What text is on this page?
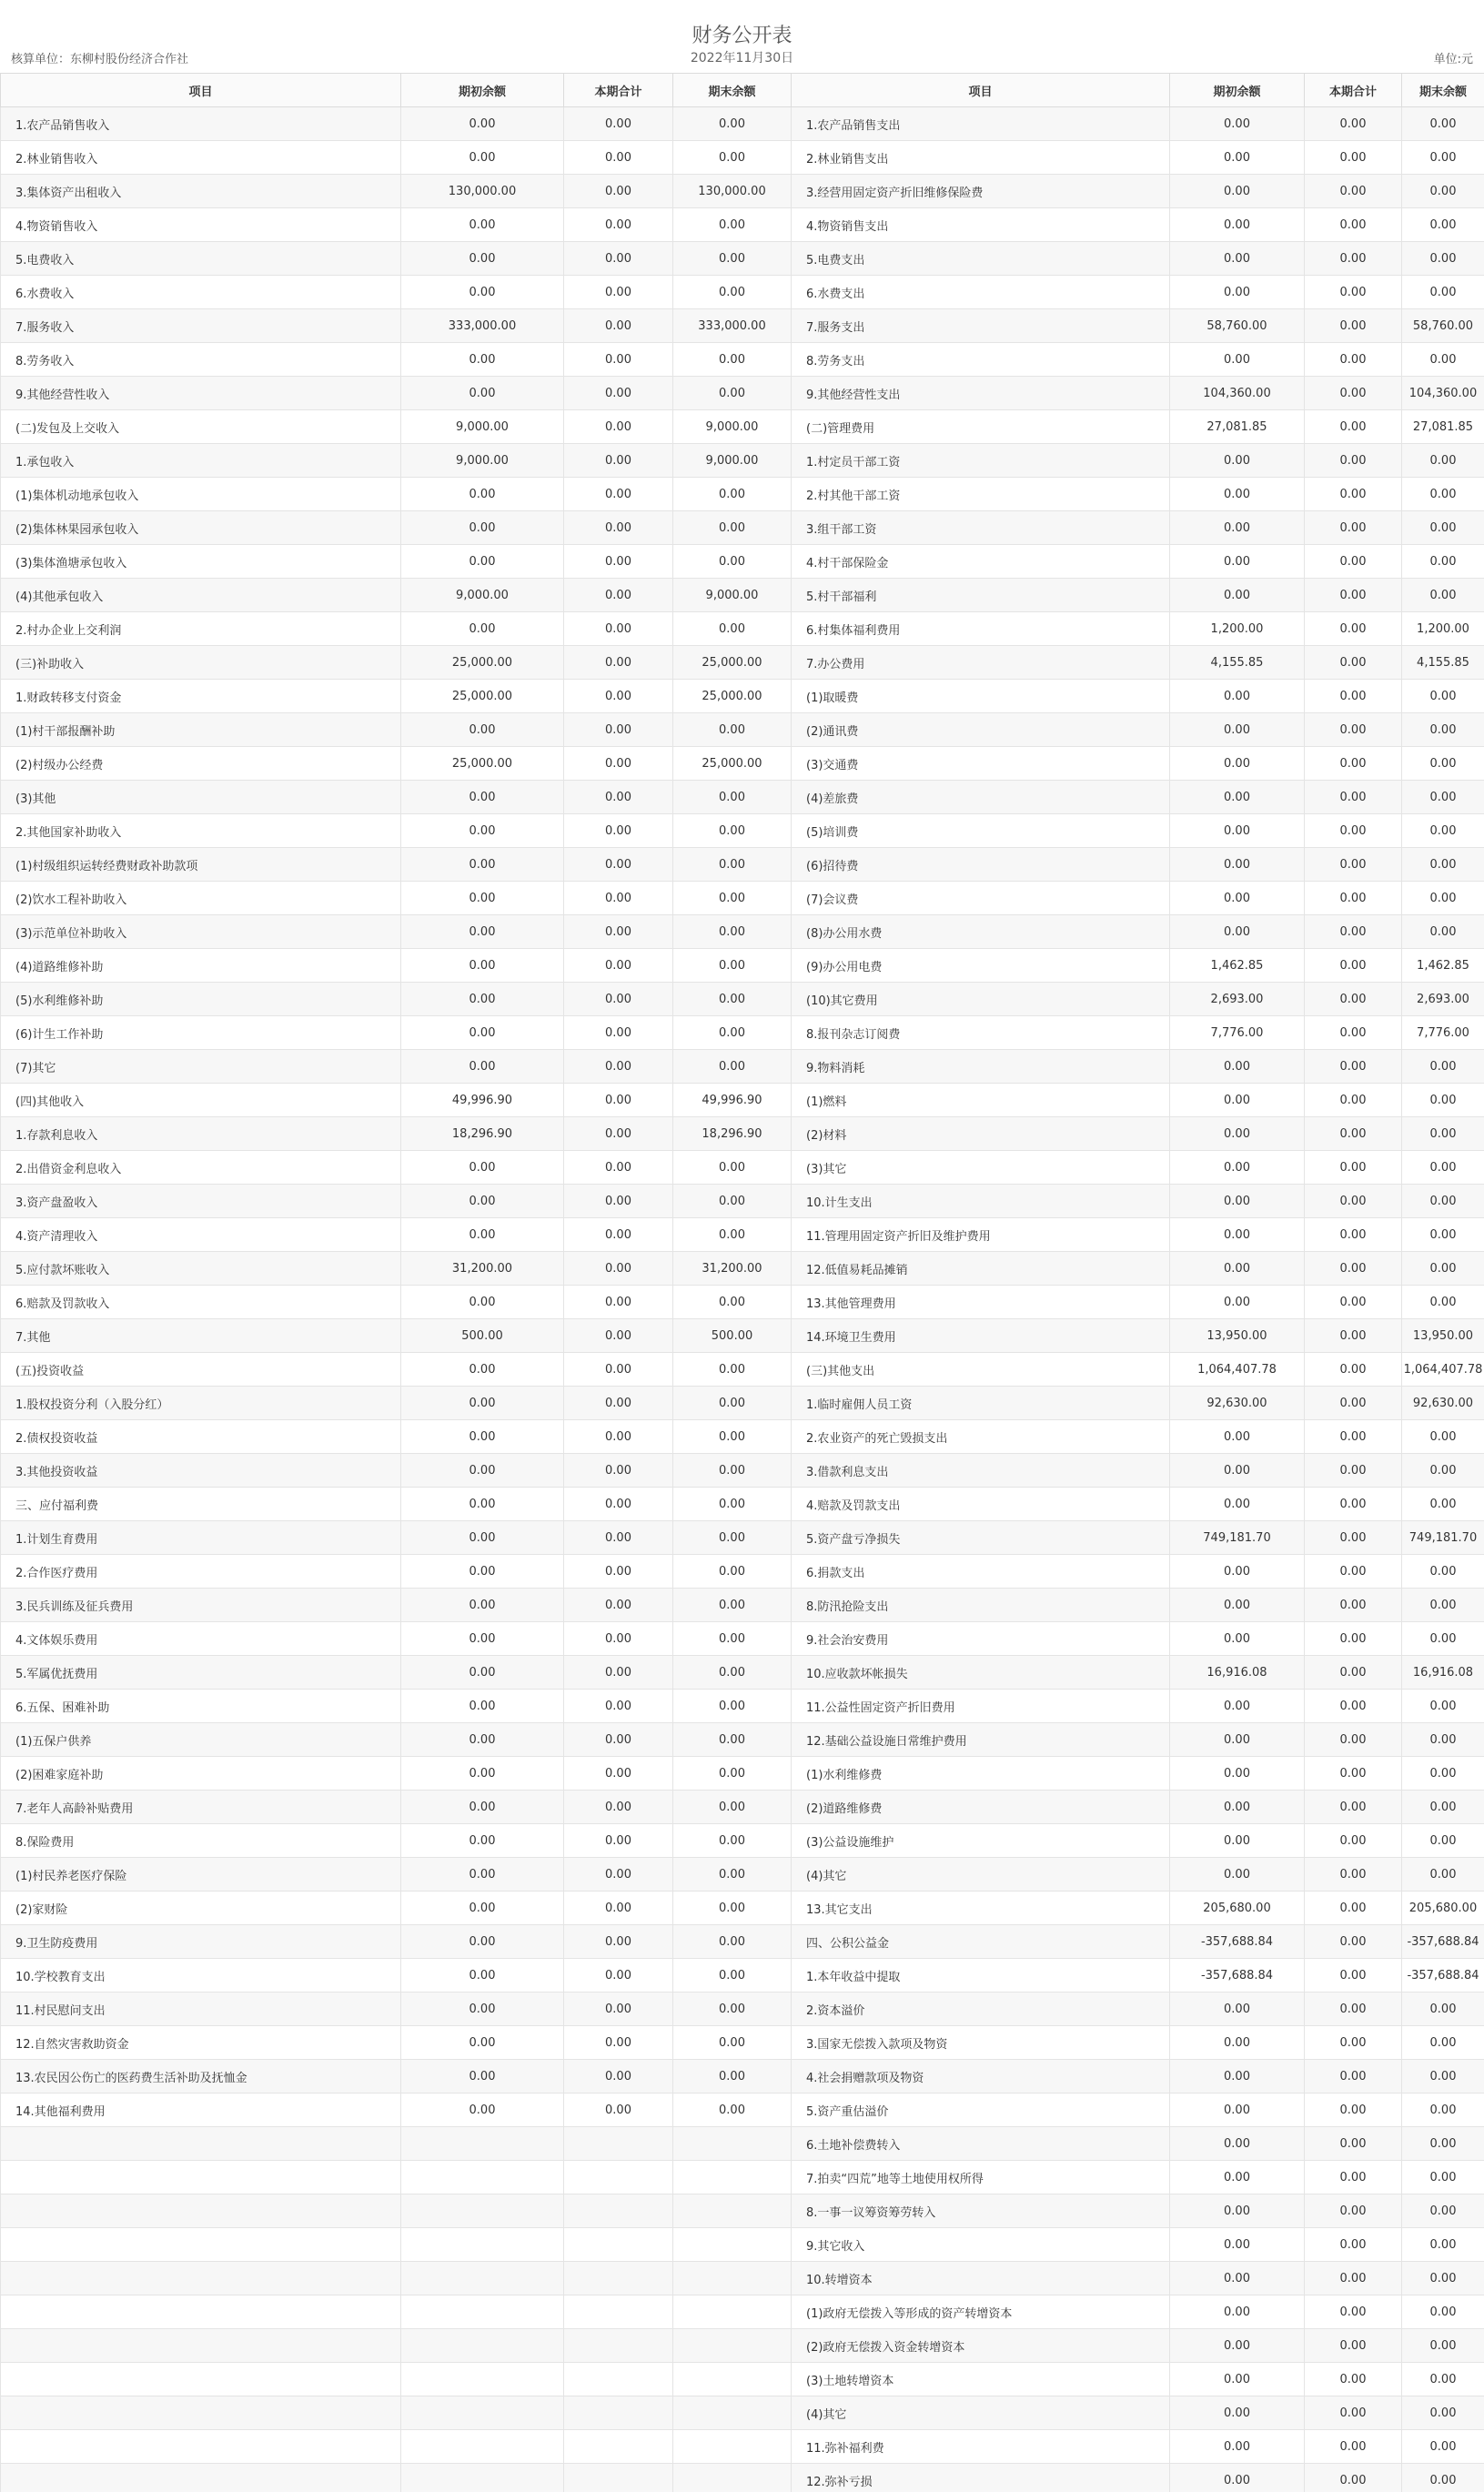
财务公开表
2022年11月30日
核算单位：东柳村股份经济合作社	单位:元
项目	期初余额	本期合计	期末余额	项目	期初余额	本期合计	期末余额
1.农产品销售收入	0.00	0.00	0.00	1.农产品销售支出	0.00	0.00	0.00
2.林业销售收入	0.00	0.00	0.00	2.林业销售支出	0.00	0.00	0.00
3.集体资产出租收入	130,000.00	0.00	130,000.00	3.经营用固定资产折旧维修保险费	0.00	0.00	0.00
4.物资销售收入	0.00	0.00	0.00	4.物资销售支出	0.00	0.00	0.00
5.电费收入	0.00	0.00	0.00	5.电费支出	0.00	0.00	0.00
6.水费收入	0.00	0.00	0.00	6.水费支出	0.00	0.00	0.00
7.服务收入	333,000.00	0.00	333,000.00	7.服务支出	58,760.00	0.00	58,760.00
8.劳务收入	0.00	0.00	0.00	8.劳务支出	0.00	0.00	0.00
9.其他经营性收入	0.00	0.00	0.00	9.其他经营性支出	104,360.00	0.00	104,360.00
(二)发包及上交收入	9,000.00	0.00	9,000.00	(二)管理费用	27,081.85	0.00	27,081.85
1.承包收入	9,000.00	0.00	9,000.00	1.村定员干部工资	0.00	0.00	0.00
(1)集体机动地承包收入	0.00	0.00	0.00	2.村其他干部工资	0.00	0.00	0.00
(2)集体林果园承包收入	0.00	0.00	0.00	3.组干部工资	0.00	0.00	0.00
(3)集体渔塘承包收入	0.00	0.00	0.00	4.村干部保险金	0.00	0.00	0.00
(4)其他承包收入	9,000.00	0.00	9,000.00	5.村干部福利	0.00	0.00	0.00
2.村办企业上交利润	0.00	0.00	0.00	6.村集体福利费用	1,200.00	0.00	1,200.00
(三)补助收入	25,000.00	0.00	25,000.00	7.办公费用	4,155.85	0.00	4,155.85
1.财政转移支付资金	25,000.00	0.00	25,000.00	(1)取暖费	0.00	0.00	0.00
(1)村干部报酬补助	0.00	0.00	0.00	(2)通讯费	0.00	0.00	0.00
(2)村级办公经费	25,000.00	0.00	25,000.00	(3)交通费	0.00	0.00	0.00
(3)其他	0.00	0.00	0.00	(4)差旅费	0.00	0.00	0.00
2.其他国家补助收入	0.00	0.00	0.00	(5)培训费	0.00	0.00	0.00
(1)村级组织运转经费财政补助款项	0.00	0.00	0.00	(6)招待费	0.00	0.00	0.00
(2)饮水工程补助收入	0.00	0.00	0.00	(7)会议费	0.00	0.00	0.00
(3)示范单位补助收入	0.00	0.00	0.00	(8)办公用水费	0.00	0.00	0.00
(4)道路维修补助	0.00	0.00	0.00	(9)办公用电费	1,462.85	0.00	1,462.85
(5)水利维修补助	0.00	0.00	0.00	(10)其它费用	2,693.00	0.00	2,693.00
(6)计生工作补助	0.00	0.00	0.00	8.报刊杂志订阅费	7,776.00	0.00	7,776.00
(7)其它	0.00	0.00	0.00	9.物料消耗	0.00	0.00	0.00
(四)其他收入	49,996.90	0.00	49,996.90	(1)燃料	0.00	0.00	0.00
1.存款利息收入	18,296.90	0.00	18,296.90	(2)材料	0.00	0.00	0.00
2.出借资金利息收入	0.00	0.00	0.00	(3)其它	0.00	0.00	0.00
3.资产盘盈收入	0.00	0.00	0.00	10.计生支出	0.00	0.00	0.00
4.资产清理收入	0.00	0.00	0.00	11.管理用固定资产折旧及维护费用	0.00	0.00	0.00
5.应付款坏账收入	31,200.00	0.00	31,200.00	12.低值易耗品摊销	0.00	0.00	0.00
6.赔款及罚款收入	0.00	0.00	0.00	13.其他管理费用	0.00	0.00	0.00
7.其他	500.00	0.00	500.00	14.环境卫生费用	13,950.00	0.00	13,950.00
(五)投资收益	0.00	0.00	0.00	(三)其他支出	1,064,407.78	0.00	1,064,407.78
1.股权投资分利（入股分红）	0.00	0.00	0.00	1.临时雇佣人员工资	92,630.00	0.00	92,630.00
2.债权投资收益	0.00	0.00	0.00	2.农业资产的死亡毁损支出	0.00	0.00	0.00
3.其他投资收益	0.00	0.00	0.00	3.借款利息支出	0.00	0.00	0.00
三、应付福利费	0.00	0.00	0.00	4.赔款及罚款支出	0.00	0.00	0.00
1.计划生育费用	0.00	0.00	0.00	5.资产盘亏净损失	749,181.70	0.00	749,181.70
2.合作医疗费用	0.00	0.00	0.00	6.捐款支出	0.00	0.00	0.00
3.民兵训练及征兵费用	0.00	0.00	0.00	8.防汛抢险支出	0.00	0.00	0.00
4.文体娱乐费用	0.00	0.00	0.00	9.社会治安费用	0.00	0.00	0.00
5.军属优抚费用	0.00	0.00	0.00	10.应收款坏帐损失	16,916.08	0.00	16,916.08
6.五保、困难补助	0.00	0.00	0.00	11.公益性固定资产折旧费用	0.00	0.00	0.00
(1)五保户供养	0.00	0.00	0.00	12.基础公益设施日常维护费用	0.00	0.00	0.00
(2)困难家庭补助	0.00	0.00	0.00	(1)水利维修费	0.00	0.00	0.00
7.老年人高龄补贴费用	0.00	0.00	0.00	(2)道路维修费	0.00	0.00	0.00
8.保险费用	0.00	0.00	0.00	(3)公益设施维护	0.00	0.00	0.00
(1)村民养老医疗保险	0.00	0.00	0.00	(4)其它	0.00	0.00	0.00
(2)家财险	0.00	0.00	0.00	13.其它支出	205,680.00	0.00	205,680.00
9.卫生防疫费用	0.00	0.00	0.00	四、公积公益金	-357,688.84	0.00	-357,688.84
10.学校教育支出	0.00	0.00	0.00	1.本年收益中提取	-357,688.84	0.00	-357,688.84
11.村民慰问支出	0.00	0.00	0.00	2.资本溢价	0.00	0.00	0.00
12.自然灾害救助资金	0.00	0.00	0.00	3.国家无偿拨入款项及物资	0.00	0.00	0.00
13.农民因公伤亡的医药费生活补助及抚恤金	0.00	0.00	0.00	4.社会捐赠款项及物资	0.00	0.00	0.00
14.其他福利费用	0.00	0.00	0.00	5.资产重估溢价	0.00	0.00	0.00
				6.土地补偿费转入	0.00	0.00	0.00
				7.拍卖“四荒”地等土地使用权所得	0.00	0.00	0.00
				8.一事一议筹资筹劳转入	0.00	0.00	0.00
				9.其它收入	0.00	0.00	0.00
				10.转增资本	0.00	0.00	0.00
				(1)政府无偿拨入等形成的资产转增资本	0.00	0.00	0.00
				(2)政府无偿拨入资金转增资本	0.00	0.00	0.00
				(3)土地转增资本	0.00	0.00	0.00
				(4)其它	0.00	0.00	0.00
				11.弥补福利费	0.00	0.00	0.00
				12.弥补亏损	0.00	0.00	0.00
